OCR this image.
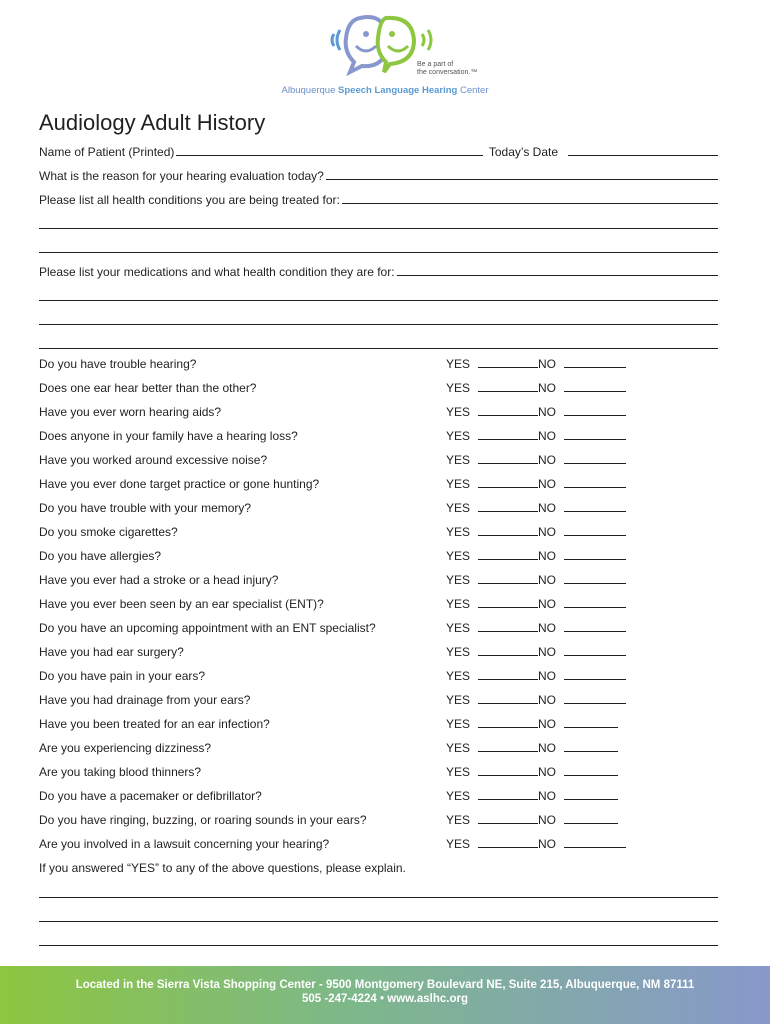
Be a part of
the conversation.™
Albuquerque Speech Language Hearing Center
Audiology Adult History
Name of Patient (Printed)	Today’s Date
What is the reason for your hearing evaluation today?
Please list all health conditions you are being treated for:
Please list your medications and what health condition they are for:
Do you have trouble hearing?	YES	NO
Does one ear hear better than the other?	YES	NO
Have you ever worn hearing aids?	YES	NO
Does anyone in your family have a hearing loss?	YES	NO
Have you worked around excessive noise?	YES	NO
Have you ever done target practice or gone hunting?	YES	NO
Do you have trouble with your memory?	YES	NO
Do you smoke cigarettes?	YES	NO
Do you have allergies?	YES	NO
Have you ever had a stroke or a head injury?	YES	NO
Have you ever been seen by an ear specialist (ENT)?	YES	NO
Do you have an upcoming appointment with an ENT specialist?	YES	NO
Have you had ear surgery?	YES	NO
Do you have pain in your ears?	YES	NO
Have you had drainage from your ears?	YES	NO
Have you been treated for an ear infection?	YES	NO
Are you experiencing dizziness?	YES	NO
Are you taking blood thinners?	YES	NO
Do you have a pacemaker or defibrillator?	YES	NO
Do you have ringing, buzzing, or roaring sounds in your ears?	YES	NO
Are you involved in a lawsuit concerning your hearing?	YES	NO
If you answered “YES” to any of the above questions, please explain.
Located in the Sierra Vista Shopping Center - 9500 Montgomery Boulevard NE, Suite 215, Albuquerque, NM 87111
505 -247-4224 • www.aslhc.org
